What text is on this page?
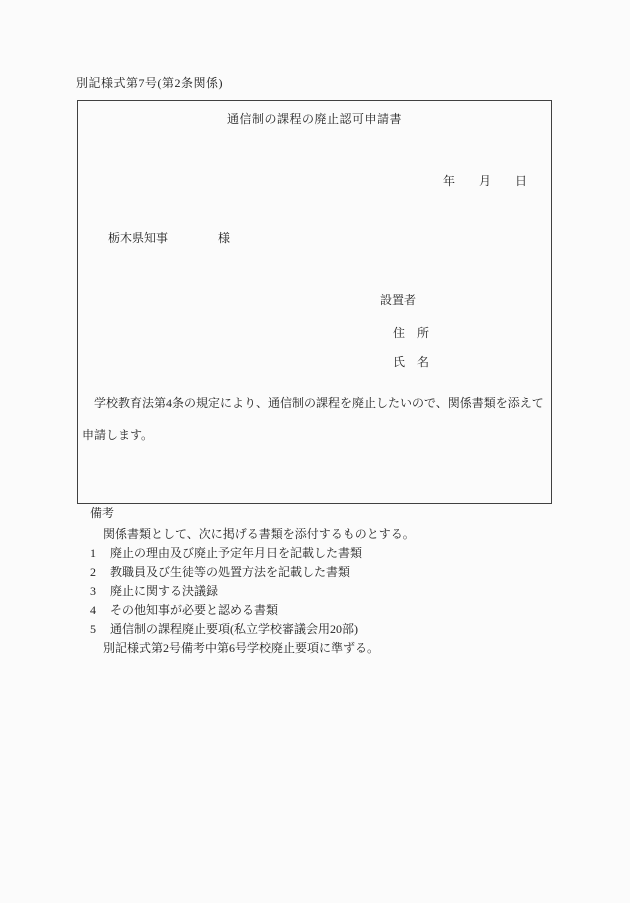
別記様式第7号(第2条関係)
通信制の課程の廃止認可申請書
年　　月　　日
栃木県知事	様
設置者
住　所
氏　名
　学校教育法第4条の規定により、通信制の課程を廃止したいので、関係書類を添えて申請します。
備考
関係書類として、次に掲げる書類を添付するものとする。
1	廃止の理由及び廃止予定年月日を記載した書類
2	教職員及び生徒等の処置方法を記載した書類
3	廃止に関する決議録
4	その他知事が必要と認める書類
5	通信制の課程廃止要項(私立学校審議会用20部)
別記様式第2号備考中第6号学校廃止要項に準ずる。
